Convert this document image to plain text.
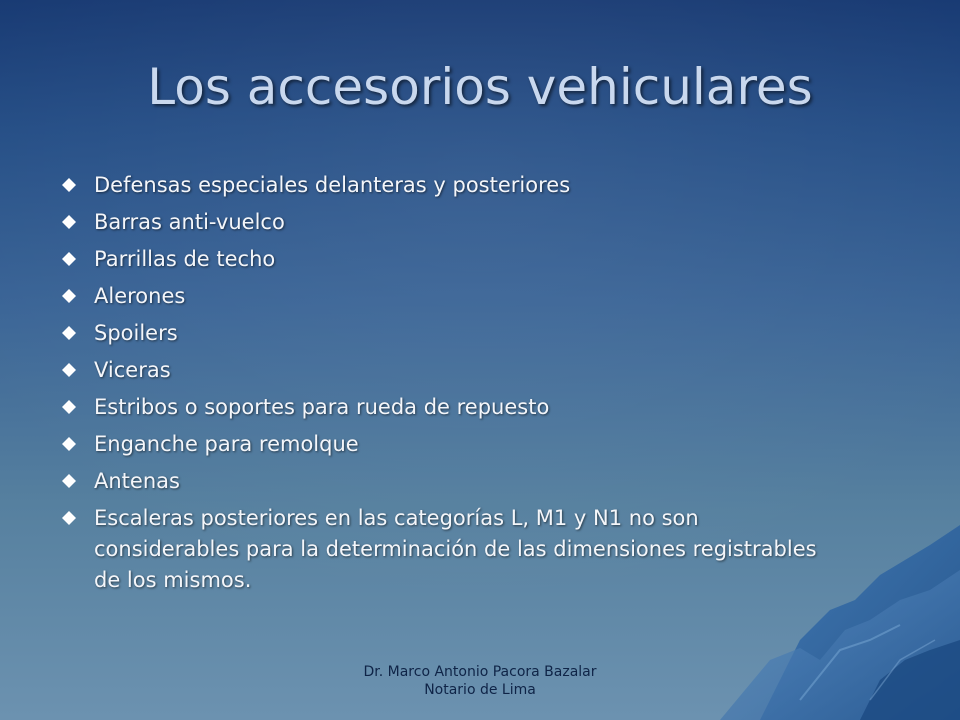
Los accesorios vehiculares
Defensas especiales delanteras y posteriores
Barras anti-vuelco
Parrillas de techo
Alerones
Spoilers
Viceras
Estribos o soportes para rueda de repuesto
Enganche para remolque
Antenas
Escaleras posteriores en las categorías L, M1 y N1 no son considerables para la determinación de las dimensiones registrables de los mismos.
Dr. Marco Antonio Pacora Bazalar
Notario de Lima
